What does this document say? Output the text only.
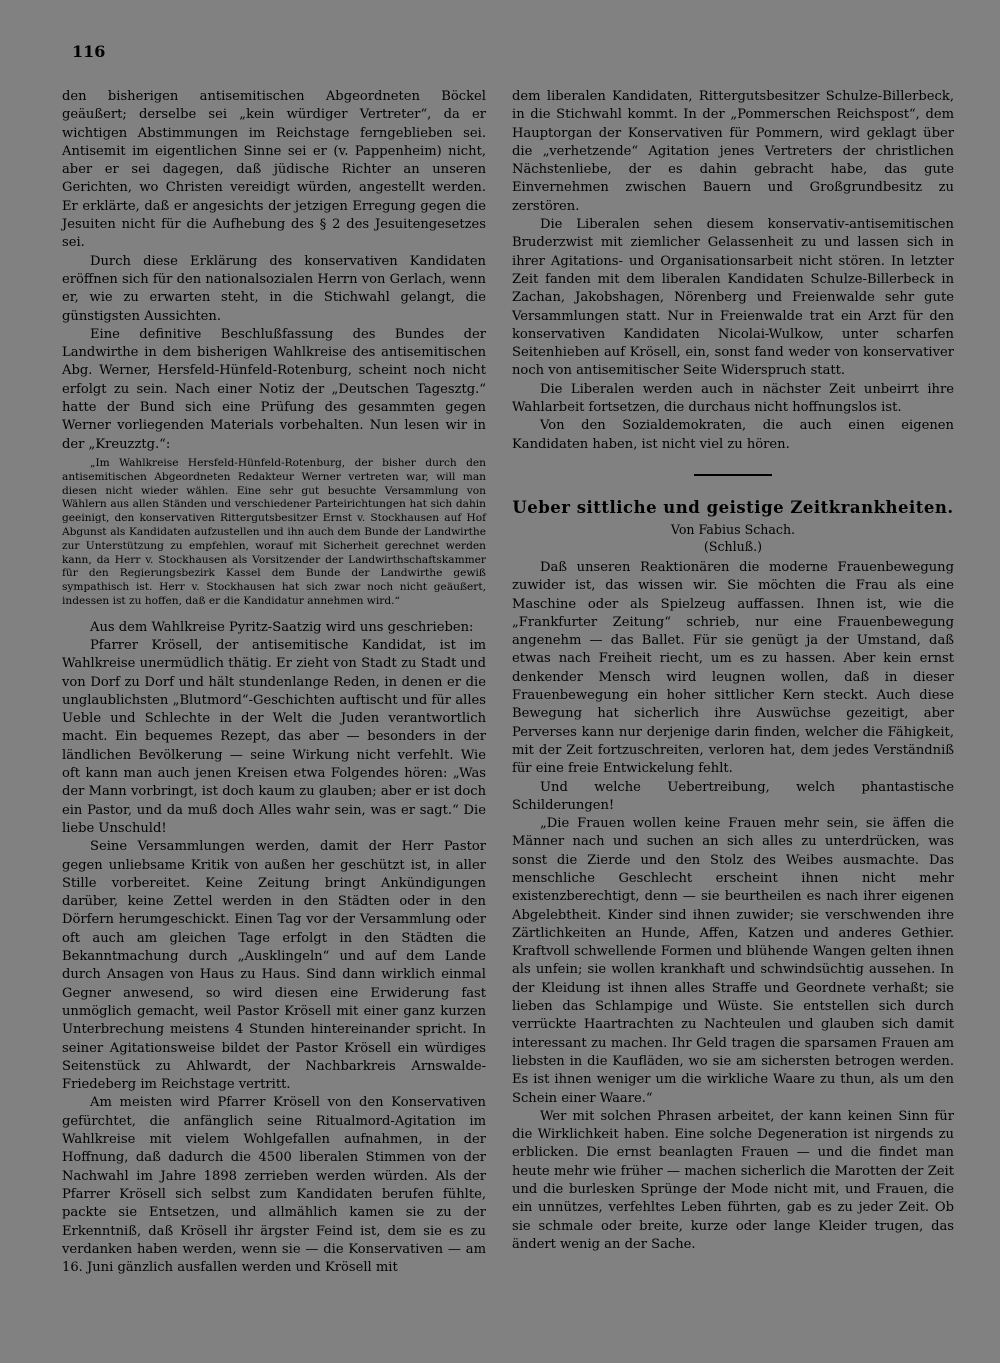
116

den bisherigen antisemitischen Abgeordneten Böckel geäußert; derselbe sei „kein würdiger Vertreter“, da er wichtigen Abstimmungen im Reichstage ferngeblieben sei. Antisemit im eigentlichen Sinne sei er (v. Pappenheim) nicht, aber er sei dagegen, daß jüdische Richter an unseren Gerichten, wo Christen vereidigt würden, angestellt werden. Er erklärte, daß er angesichts der jetzigen Erregung gegen die Jesuiten nicht für die Aufhebung des § 2 des Jesuitengesetzes sei.

Durch diese Erklärung des konservativen Kandidaten eröffnen sich für den nationalsozialen Herrn von Gerlach, wenn er, wie zu erwarten steht, in die Stichwahl gelangt, die günstigsten Aussichten.

Eine definitive Beschlußfassung des Bundes der Landwirthe in dem bisherigen Wahlkreise des antisemitischen Abg. Werner, Hersfeld-Hünfeld-Rotenburg, scheint noch nicht erfolgt zu sein. Nach einer Notiz der „Deutschen Tagesztg.“ hatte der Bund sich eine Prüfung des gesammten gegen Werner vorliegenden Materials vorbehalten. Nun lesen wir in der „Kreuzztg.“:

„Im Wahlkreise Hersfeld-Hünfeld-Rotenburg, der bisher durch den antisemitischen Abgeordneten Redakteur Werner vertreten war, will man diesen nicht wieder wählen. Eine sehr gut besuchte Versammlung von Wählern aus allen Ständen und verschiedener Parteirichtungen hat sich dahin geeinigt, den konservativen Rittergutsbesitzer Ernst v. Stockhausen auf Hof Abgunst als Kandidaten aufzustellen und ihn auch dem Bunde der Landwirthe zur Unterstützung zu empfehlen, worauf mit Sicherheit gerechnet werden kann, da Herr v. Stockhausen als Vorsitzender der Landwirthschaftskammer für den Regierungsbezirk Kassel dem Bunde der Landwirthe gewiß sympathisch ist. Herr v. Stockhausen hat sich zwar noch nicht geäußert, indessen ist zu hoffen, daß er die Kandidatur annehmen wird.“

Aus dem Wahlkreise Pyritz-Saatzig wird uns geschrieben:

Pfarrer Krösell, der antisemitische Kandidat, ist im Wahlkreise unermüdlich thätig. Er zieht von Stadt zu Stadt und von Dorf zu Dorf und hält stundenlange Reden, in denen er die unglaublichsten „Blutmord“-Geschichten auftischt und für alles Ueble und Schlechte in der Welt die Juden verantwortlich macht. Ein bequemes Rezept, das aber — besonders in der ländlichen Bevölkerung — seine Wirkung nicht verfehlt. Wie oft kann man auch jenen Kreisen etwa Folgendes hören: „Was der Mann vorbringt, ist doch kaum zu glauben; aber er ist doch ein Pastor, und da muß doch Alles wahr sein, was er sagt.“ Die liebe Unschuld!

Seine Versammlungen werden, damit der Herr Pastor gegen unliebsame Kritik von außen her geschützt ist, in aller Stille vorbereitet. Keine Zeitung bringt Ankündigungen darüber, keine Zettel werden in den Städten oder in den Dörfern herumgeschickt. Einen Tag vor der Versammlung oder oft auch am gleichen Tage erfolgt in den Städten die Bekanntmachung durch „Ausklingeln“ und auf dem Lande durch Ansagen von Haus zu Haus. Sind dann wirklich einmal Gegner anwesend, so wird diesen eine Erwiderung fast unmöglich gemacht, weil Pastor Krösell mit einer ganz kurzen Unterbrechung meistens 4 Stunden hintereinander spricht. In seiner Agitationsweise bildet der Pastor Krösell ein würdiges Seitenstück zu Ahlwardt, der Nachbarkreis Arnswalde-Friedeberg im Reichstage vertritt.

Am meisten wird Pfarrer Krösell von den Konservativen gefürchtet, die anfänglich seine Ritualmord-Agitation im Wahlkreise mit vielem Wohlgefallen aufnahmen, in der Hoffnung, daß dadurch die 4500 liberalen Stimmen von der Nachwahl im Jahre 1898 zerrieben werden würden. Als der Pfarrer Krösell sich selbst zum Kandidaten berufen fühlte, packte sie Entsetzen, und allmählich kamen sie zu der Erkenntniß, daß Krösell ihr ärgster Feind ist, dem sie es zu verdanken haben werden, wenn sie — die Konservativen — am 16. Juni gänzlich ausfallen werden und Krösell mit

dem liberalen Kandidaten, Rittergutsbesitzer Schulze-Billerbeck, in die Stichwahl kommt. In der „Pommerschen Reichspost“, dem Hauptorgan der Konservativen für Pommern, wird geklagt über die „verhetzende“ Agitation jenes Vertreters der christlichen Nächstenliebe, der es dahin gebracht habe, das gute Einvernehmen zwischen Bauern und Großgrundbesitz zu zerstören.

Die Liberalen sehen diesem konservativ-antisemitischen Bruderzwist mit ziemlicher Gelassenheit zu und lassen sich in ihrer Agitations- und Organisationsarbeit nicht stören. In letzter Zeit fanden mit dem liberalen Kandidaten Schulze-Billerbeck in Zachan, Jakobshagen, Nörenberg und Freienwalde sehr gute Versammlungen statt. Nur in Freienwalde trat ein Arzt für den konservativen Kandidaten Nicolai-Wulkow, unter scharfen Seitenhieben auf Krösell, ein, sonst fand weder von konservativer noch von antisemitischer Seite Widerspruch statt.

Die Liberalen werden auch in nächster Zeit unbeirrt ihre Wahlarbeit fortsetzen, die durchaus nicht hoffnungslos ist.

Von den Sozialdemokraten, die auch einen eigenen Kandidaten haben, ist nicht viel zu hören.

Ueber sittliche und geistige Zeitkrankheiten.
Von Fabius Schach.
(Schluß.)

Daß unseren Reaktionären die moderne Frauenbewegung zuwider ist, das wissen wir. Sie möchten die Frau als eine Maschine oder als Spielzeug auffassen. Ihnen ist, wie die „Frankfurter Zeitung“ schrieb, nur eine Frauenbewegung angenehm — das Ballet. Für sie genügt ja der Umstand, daß etwas nach Freiheit riecht, um es zu hassen. Aber kein ernst denkender Mensch wird leugnen wollen, daß in dieser Frauenbewegung ein hoher sittlicher Kern steckt. Auch diese Bewegung hat sicherlich ihre Auswüchse gezeitigt, aber Perverses kann nur derjenige darin finden, welcher die Fähigkeit, mit der Zeit fortzuschreiten, verloren hat, dem jedes Verständniß für eine freie Entwickelung fehlt.

Und welche Uebertreibung, welch phantastische Schilderungen!

„Die Frauen wollen keine Frauen mehr sein, sie äffen die Männer nach und suchen an sich alles zu unterdrücken, was sonst die Zierde und den Stolz des Weibes ausmachte. Das menschliche Geschlecht erscheint ihnen nicht mehr existenzberechtigt, denn — sie beurtheilen es nach ihrer eigenen Abgelebtheit. Kinder sind ihnen zuwider; sie verschwenden ihre Zärtlichkeiten an Hunde, Affen, Katzen und anderes Gethier. Kraftvoll schwellende Formen und blühende Wangen gelten ihnen als unfein; sie wollen krankhaft und schwindsüchtig aussehen. In der Kleidung ist ihnen alles Straffe und Geordnete verhaßt; sie lieben das Schlampige und Wüste. Sie entstellen sich durch verrückte Haartrachten zu Nachteulen und glauben sich damit interessant zu machen. Ihr Geld tragen die sparsamen Frauen am liebsten in die Kaufläden, wo sie am sichersten betrogen werden. Es ist ihnen weniger um die wirkliche Waare zu thun, als um den Schein einer Waare.“

Wer mit solchen Phrasen arbeitet, der kann keinen Sinn für die Wirklichkeit haben. Eine solche Degeneration ist nirgends zu erblicken. Die ernst beanlagten Frauen — und die findet man heute mehr wie früher — machen sicherlich die Marotten der Zeit und die burlesken Sprünge der Mode nicht mit, und Frauen, die ein unnützes, verfehltes Leben führten, gab es zu jeder Zeit. Ob sie schmale oder breite, kurze oder lange Kleider trugen, das ändert wenig an der Sache.
